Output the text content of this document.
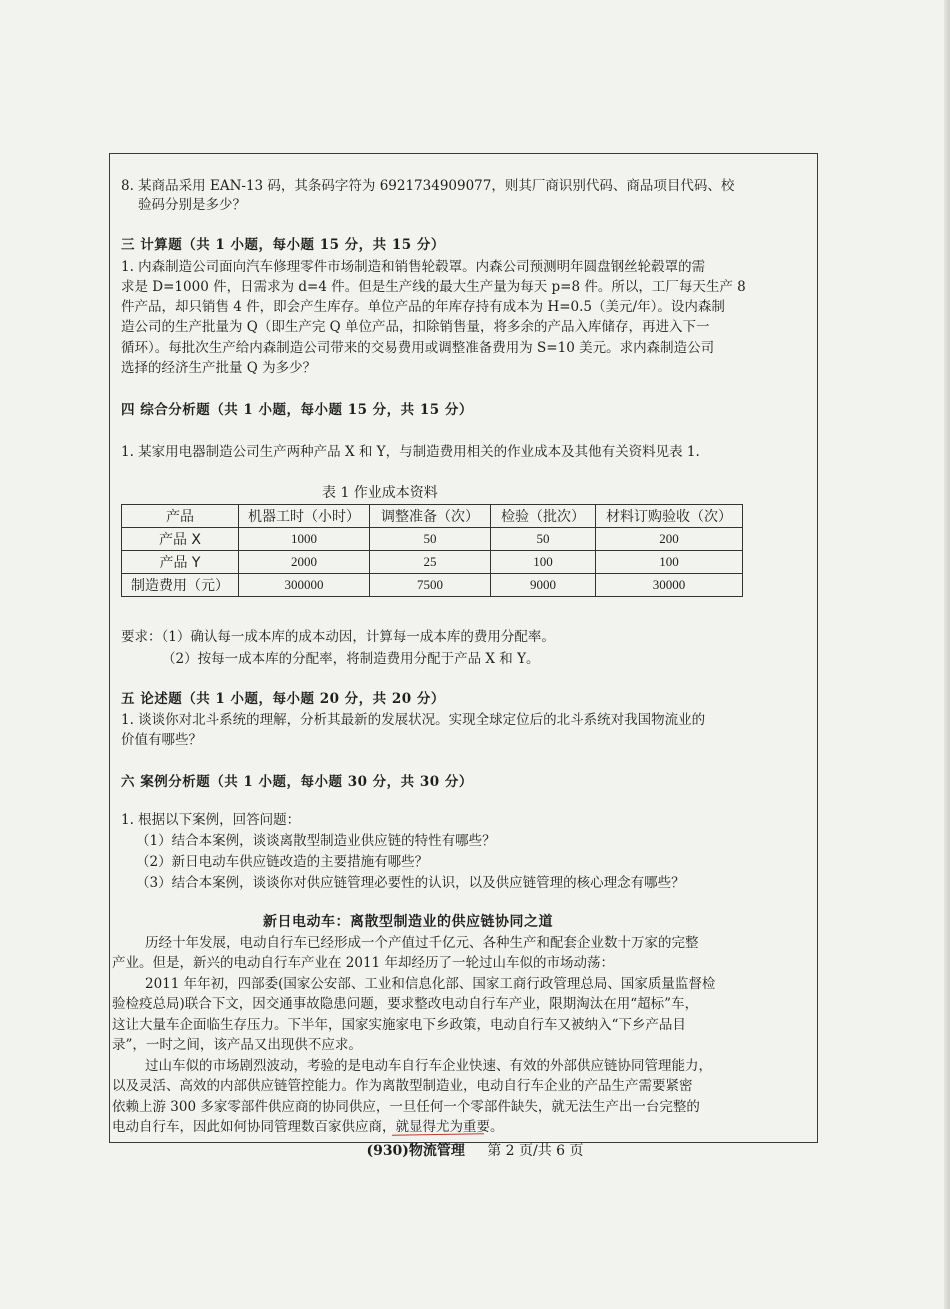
8. 某商品采用 EAN-13 码，其条码字符为 6921734909077，则其厂商识别代码、商品项目代码、校
验码分别是多少？
三 计算题（共 1 小题，每小题 15 分，共 15 分）
1. 内森制造公司面向汽车修理零件市场制造和销售轮毂罩。内森公司预测明年圆盘钢丝轮毂罩的需
求是 D=1000 件，日需求为 d=4 件。但是生产线的最大生产量为每天 p=8 件。所以，工厂每天生产 8
件产品，却只销售 4 件，即会产生库存。单位产品的年库存持有成本为 H=0.5（美元/年）。设内森制
造公司的生产批量为 Q（即生产完 Q 单位产品，扣除销售量，将多余的产品入库储存，再进入下一
循环）。每批次生产给内森制造公司带来的交易费用或调整准备费用为 S=10 美元。求内森制造公司
选择的经济生产批量 Q 为多少？
四 综合分析题（共 1 小题，每小题 15 分，共 15 分）
1. 某家用电器制造公司生产两种产品 X 和 Y，与制造费用相关的作业成本及其他有关资料见表 1.
表 1 作业成本资料
产品	机器工时（小时）	调整准备（次）	检验（批次）	材料订购验收（次）
产品 X	1000	50	50	200
产品 Y	2000	25	100	100
制造费用（元）	300000	7500	9000	30000
要求：（1）确认每一成本库的成本动因，计算每一成本库的费用分配率。
（2）按每一成本库的分配率，将制造费用分配于产品 X 和 Y。
五 论述题（共 1 小题，每小题 20 分，共 20 分）
1. 谈谈你对北斗系统的理解，分析其最新的发展状况。实现全球定位后的北斗系统对我国物流业的
价值有哪些？
六 案例分析题（共 1 小题，每小题 30 分，共 30 分）
1. 根据以下案例，回答问题：
（1）结合本案例，谈谈离散型制造业供应链的特性有哪些？
（2）新日电动车供应链改造的主要措施有哪些？
（3）结合本案例，谈谈你对供应链管理必要性的认识，以及供应链管理的核心理念有哪些？
新日电动车：离散型制造业的供应链协同之道
历经十年发展，电动自行车已经形成一个产值过千亿元、各种生产和配套企业数十万家的完整
产业。但是，新兴的电动自行车产业在 2011 年却经历了一轮过山车似的市场动荡：
2011 年年初，四部委(国家公安部、工业和信息化部、国家工商行政管理总局、国家质量监督检
验检疫总局)联合下文，因交通事故隐患问题，要求整改电动自行车产业，限期淘汰在用“超标”车，
这让大量车企面临生存压力。下半年，国家实施家电下乡政策，电动自行车又被纳入“下乡产品目
录”，一时之间，该产品又出现供不应求。
过山车似的市场剧烈波动，考验的是电动车自行车企业快速、有效的外部供应链协同管理能力，
以及灵活、高效的内部供应链管控能力。作为离散型制造业，电动自行车企业的产品生产需要紧密
依赖上游 300 多家零部件供应商的协同供应，一旦任何一个零部件缺失，就无法生产出一台完整的
电动自行车，因此如何协同管理数百家供应商，就显得尤为重要。
(930)物流管理 第 2 页/共 6 页
